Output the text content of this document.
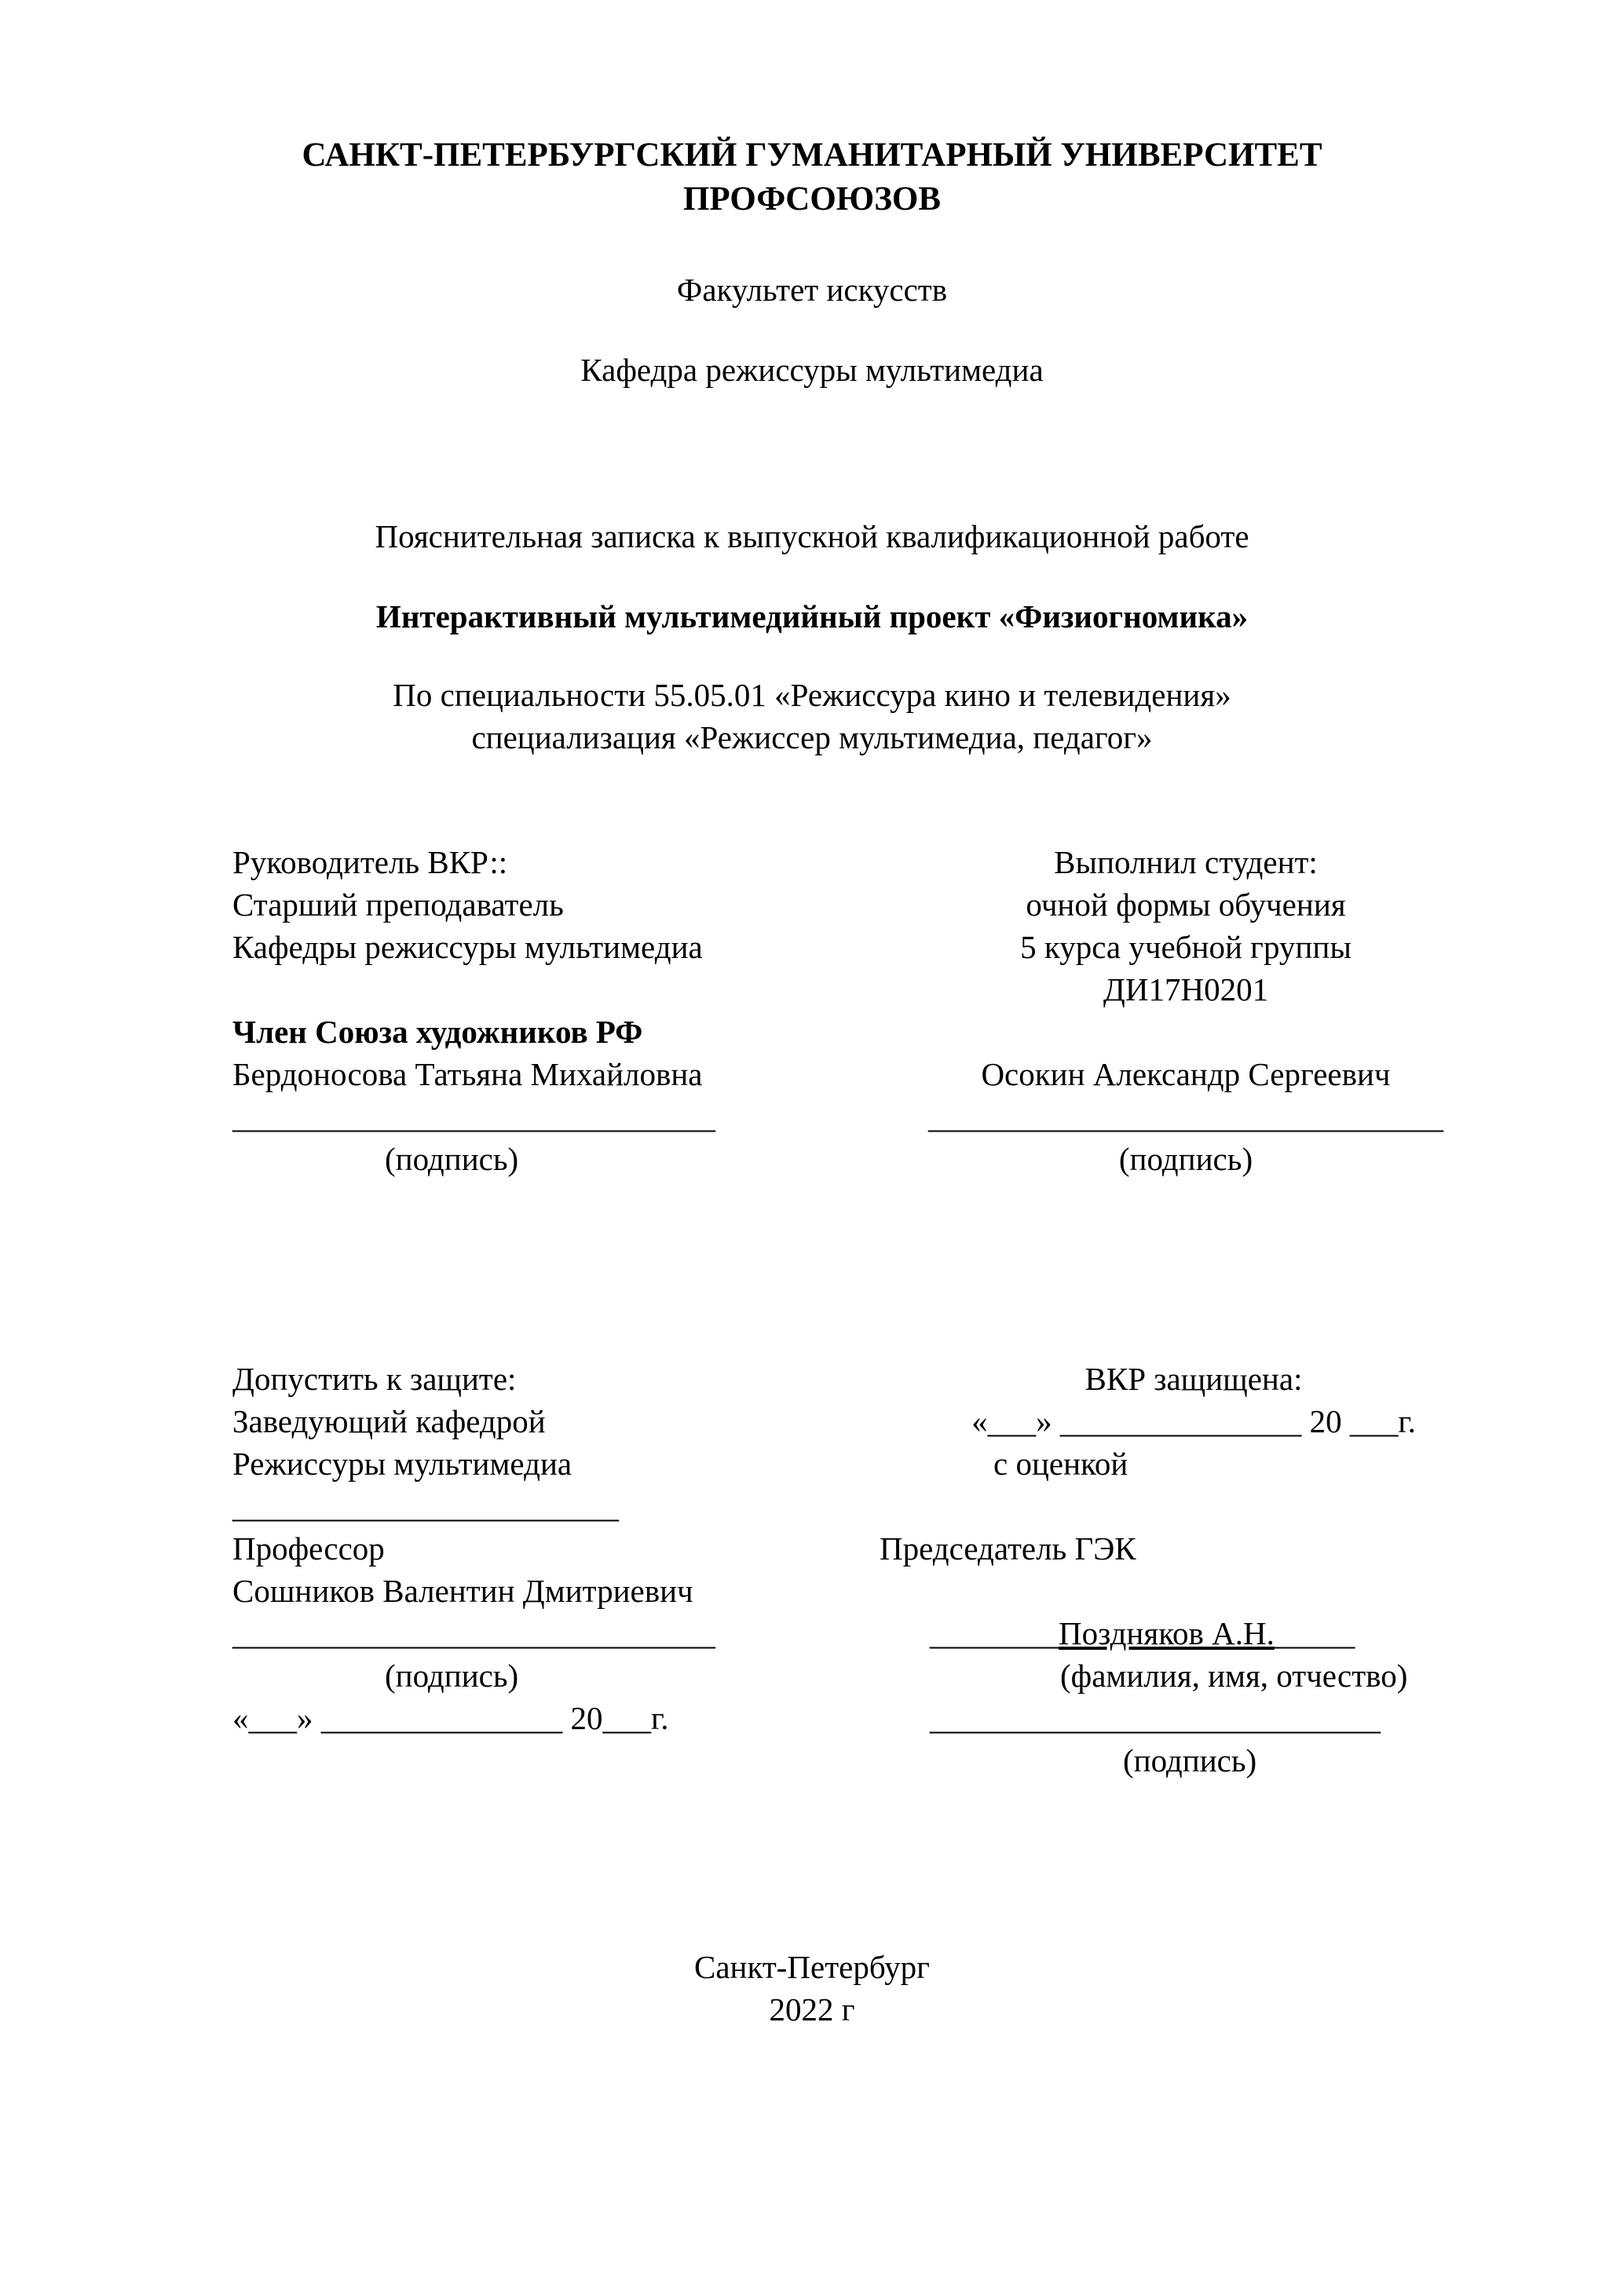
САНКТ-ПЕТЕРБУРГСКИЙ ГУМАНИТАРНЫЙ УНИВЕРСИТЕТ
ПРОФСОЮЗОВ
Факультет искусств
Кафедра режиссуры мультимедиа
Пояснительная записка к выпускной квалификационной работе
Интерактивный мультимедийный проект «Физиогномика»
По специальности 55.05.01 «Режиссура кино и телевидения»
специализация «Режиссер мультимедиа, педагог»
Руководитель ВКР::
Старший преподаватель
Кафедры режиссуры мультимедиа
Член Союза художников РФ
Бердоносова Татьяна Михайловна
______________________________
(подпись)
Выполнил студент:
очной формы обучения
5 курса учебной группы
ДИ17Н0201
Осокин Александр Сергеевич
________________________________
(подпись)
Допустить к защите:
Заведующий кафедрой
Режиссуры мультимедиа
________________________
Профессор
Сошников Валентин Дмитриевич
______________________________
(подпись)
«___» _______________ 20___г.
ВКР защищена:
«___» _______________ 20 ___г.
с оценкой
Председатель ГЭК
________Поздняков А.Н._____
(фамилия, имя, отчество)
____________________________
(подпись)
Санкт-Петербург
2022 г
